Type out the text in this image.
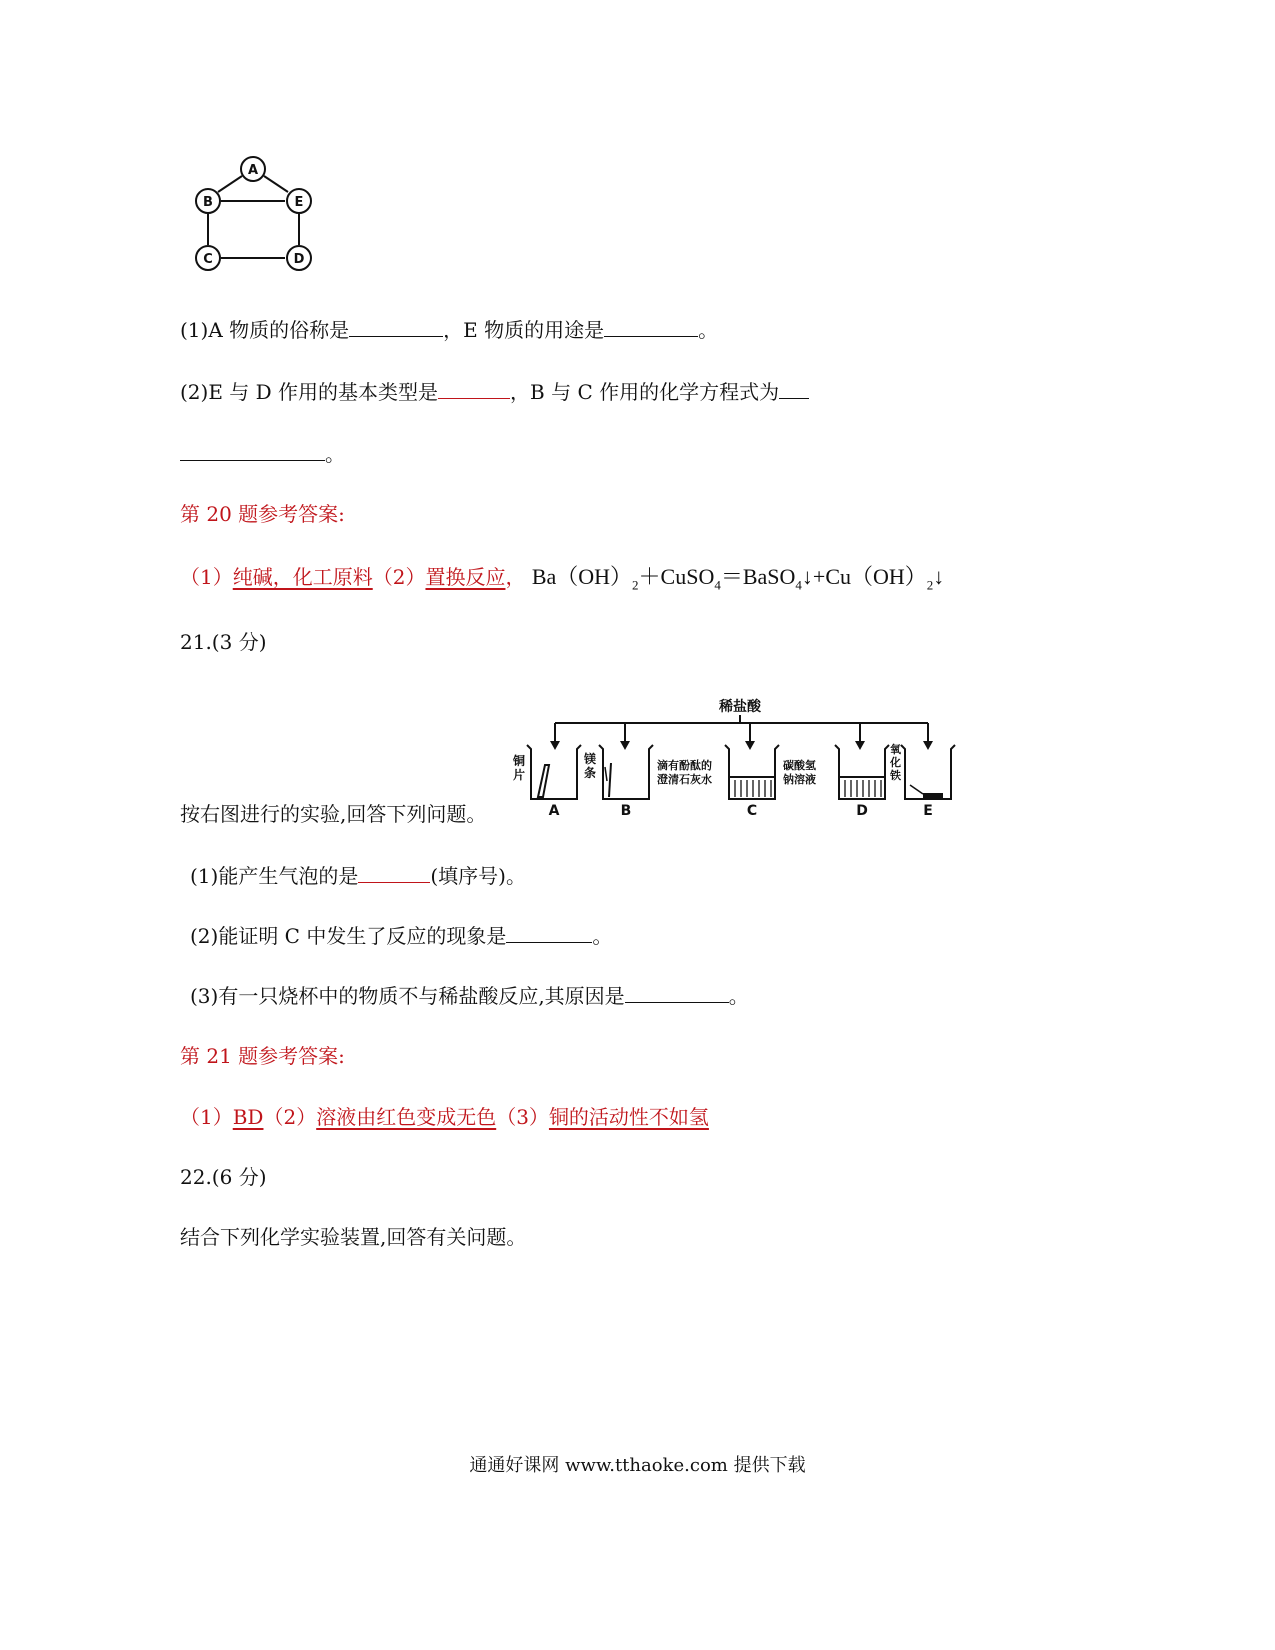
A
B	E
C	D
(1)A 物质的俗称是	，E 物质的用途是	。
(2)E 与 D 作用的基本类型是	，B 与 C 作用的化学方程式为
。
第 20 题参考答案:
（1）纯碱，化工原料（2）置换反应， $Ba(OH)_2+CuSO_4=BaSO_4↓+Cu(OH)_2↓$
21.(3 分)
稀盐酸
铜片
镁条
滴有酚酞的澄清石灰水
碳酸氢钠溶液
氧化铁
A	B	C	D	E
按右图进行的实验,回答下列问题。
(1)能产生气泡的是	(填序号)。
(2)能证明 C 中发生了反应的现象是	。
(3)有一只烧杯中的物质不与稀盐酸反应,其原因是	。
第 21 题参考答案:
（1）BD（2）溶液由红色变成无色（3）铜的活动性不如氢
22.(6 分)
结合下列化学实验装置,回答有关问题。
通通好课网 www.tthaoke.com 提供下载
